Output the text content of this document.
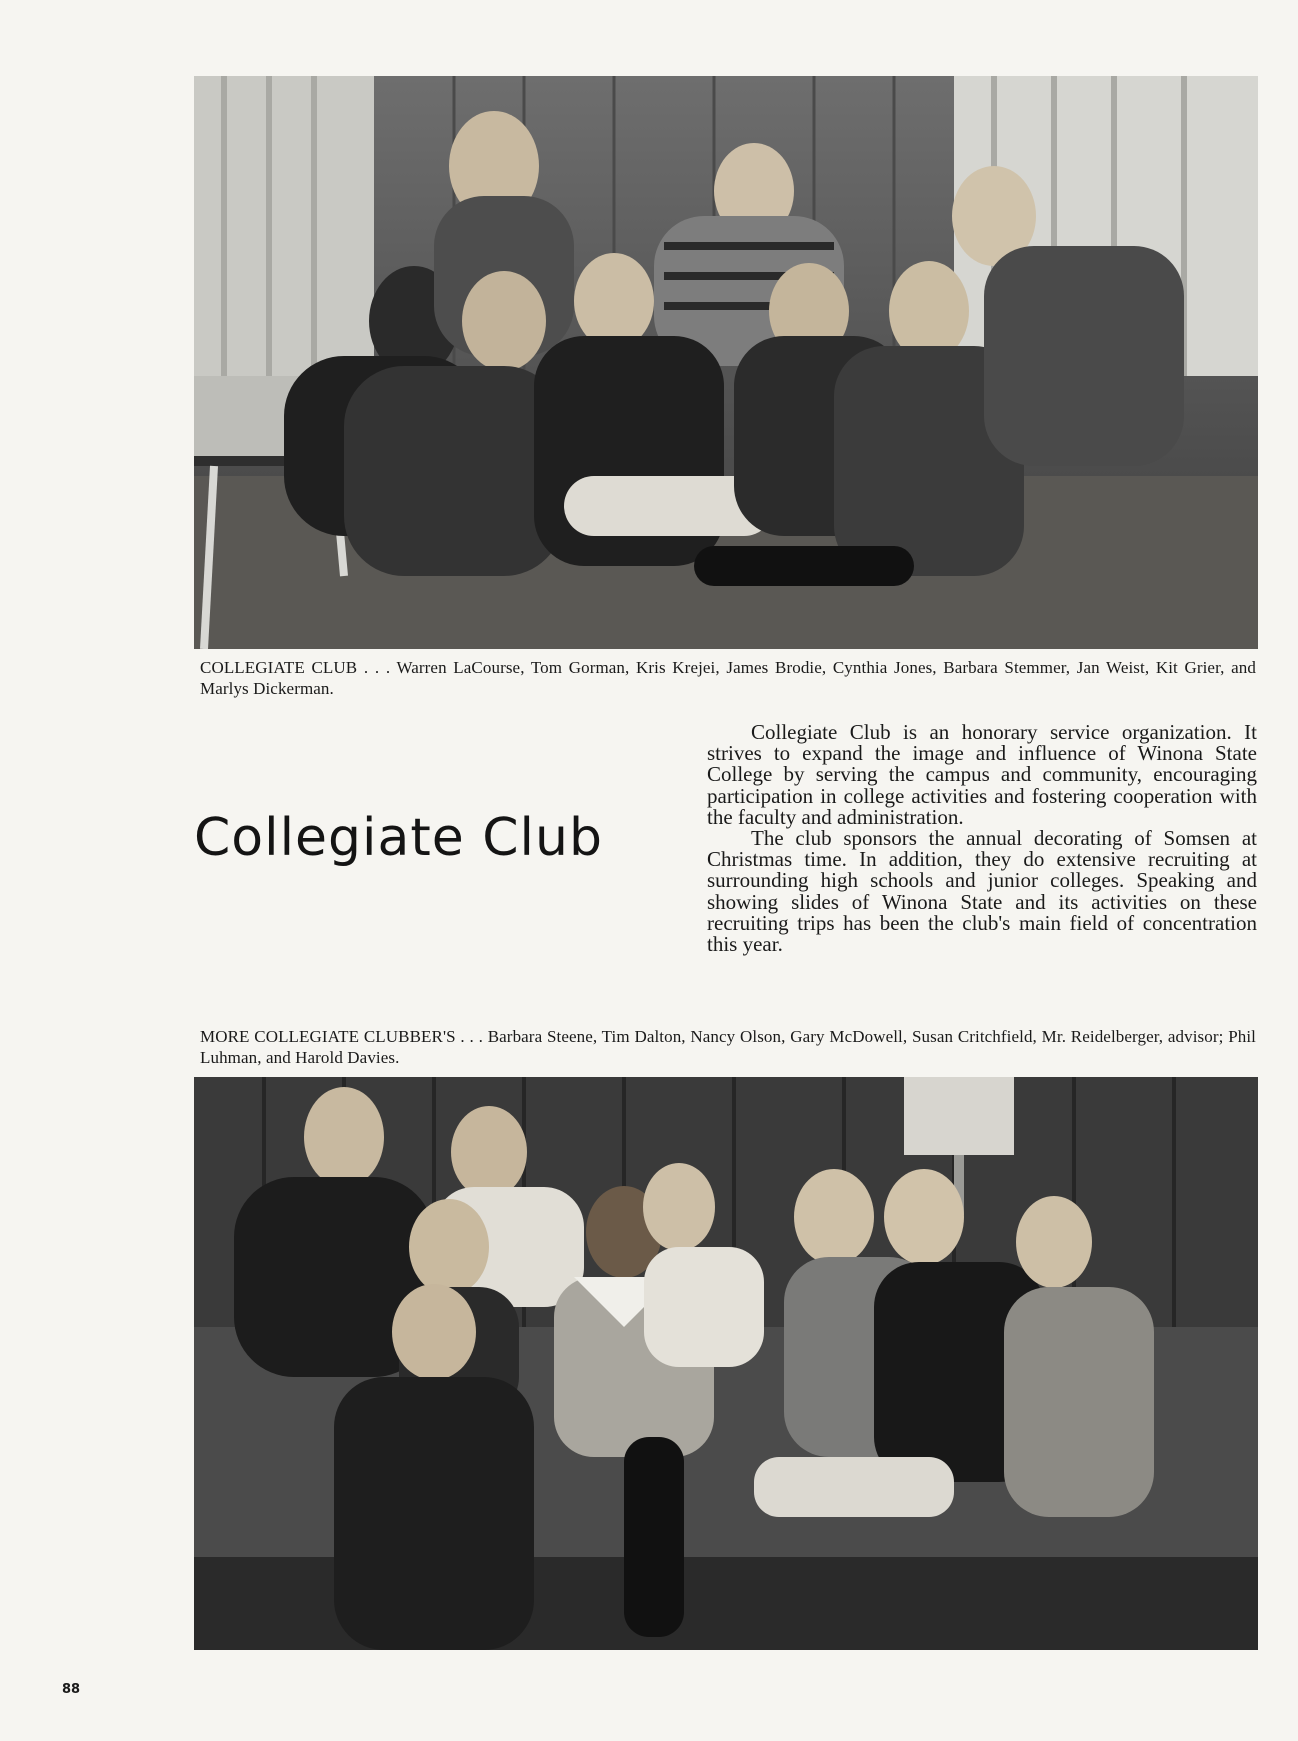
COLLEGIATE CLUB . . . Warren LaCourse, Tom Gorman, Kris Krejei, James Brodie, Cynthia Jones, Barbara Stemmer, Jan Weist, Kit Grier, and Marlys Dickerman.
Collegiate Club

Collegiate Club is an honorary service organization. It strives to expand the image and influence of Winona State College by serving the campus and community, encouraging participation in college activities and fostering cooperation with the faculty and administration.

The club sponsors the annual decorating of Somsen at Christmas time. In addition, they do extensive recruiting at surrounding high schools and junior colleges. Speaking and showing slides of Winona State and its activities on these recruiting trips has been the club's main field of concentration this year.

MORE COLLEGIATE CLUBBER'S . . . Barbara Steene, Tim Dalton, Nancy Olson, Gary McDowell, Susan Critchfield, Mr. Reidelberger, advisor; Phil Luhman, and Harold Davies.
88
